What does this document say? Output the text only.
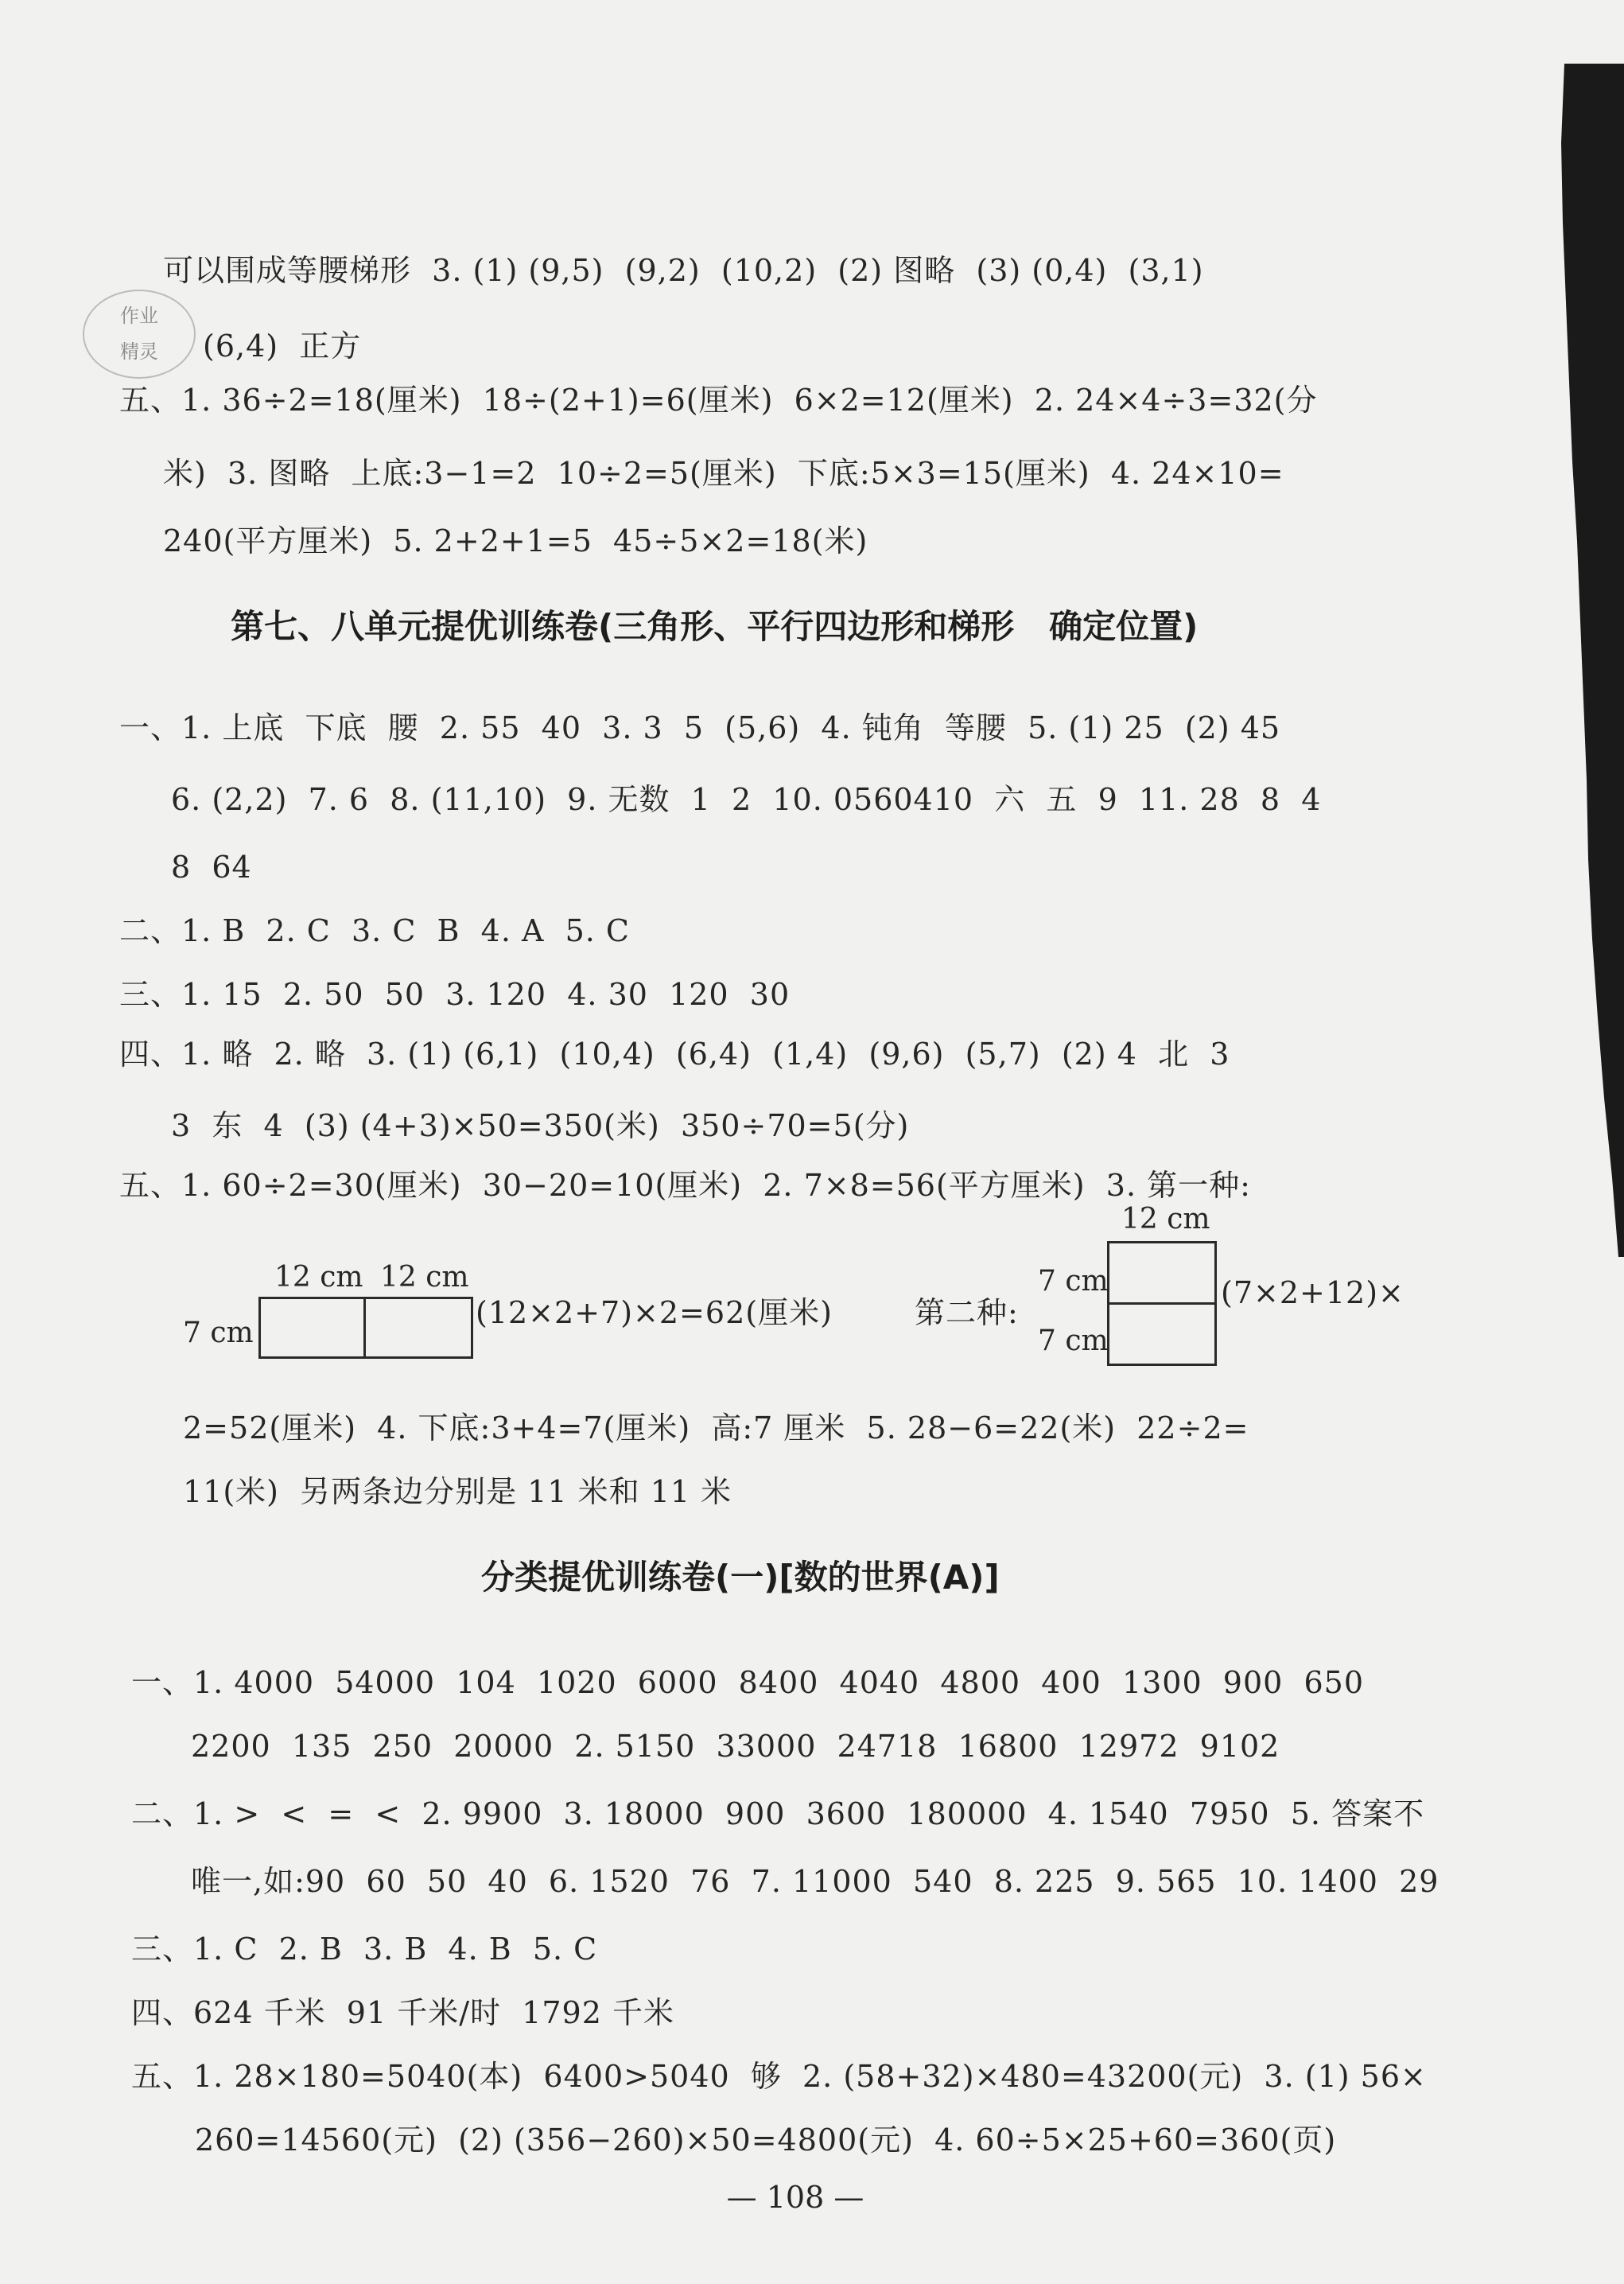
作业
精灵
可以围成等腰梯形  3. (1) (9,5)  (9,2)  (10,2)  (2) 图略  (3) (0,4)  (3,1)
(6,4)  正方
五、1. 36÷2=18(厘米)  18÷(2+1)=6(厘米)  6×2=12(厘米)  2. 24×4÷3=32(分
米)  3. 图略  上底:3−1=2  10÷2=5(厘米)  下底:5×3=15(厘米)  4. 24×10=
240(平方厘米)  5. 2+2+1=5  45÷5×2=18(米)
第七、八单元提优训练卷(三角形、平行四边形和梯形   确定位置)
一、1. 上底  下底  腰  2. 55  40  3. 3  5  (5,6)  4. 钝角  等腰  5. (1) 25  (2) 45
6. (2,2)  7. 6  8. (11,10)  9. 无数  1  2  10. 0560410  六  五  9  11. 28  8  4
8  64
二、1. B  2. C  3. C  B  4. A  5. C
三、1. 15  2. 50  50  3. 120  4. 30  120  30
四、1. 略  2. 略  3. (1) (6,1)  (10,4)  (6,4)  (1,4)  (9,6)  (5,7)  (2) 4  北  3
3  东  4  (3) (4+3)×50=350(米)  350÷70=5(分)
五、1. 60÷2=30(厘米)  30−20=10(厘米)  2. 7×8=56(平方厘米)  3. 第一种:
12 cm 12 cm
7 cm
(12×2+7)×2=62(厘米)	第二种:
12 cm
7 cm
7 cm
(7×2+12)×
2=52(厘米)  4. 下底:3+4=7(厘米)  高:7 厘米  5. 28−6=22(米)  22÷2=
11(米)  另两条边分别是 11 米和 11 米
分类提优训练卷(一)[数的世界(A)]
一、1. 4000  54000  104  1020  6000  8400  4040  4800  400  1300  900  650
2200  135  250  20000  2. 5150  33000  24718  16800  12972  9102
二、1. >  <  =  <  2. 9900  3. 18000  900  3600  180000  4. 1540  7950  5. 答案不
唯一,如:90  60  50  40  6. 1520  76  7. 11000  540  8. 225  9. 565  10. 1400  29
三、1. C  2. B  3. B  4. B  5. C
四、624 千米  91 千米/时  1792 千米
五、1. 28×180=5040(本)  6400>5040  够  2. (58+32)×480=43200(元)  3. (1) 56×
260=14560(元)  (2) (356−260)×50=4800(元)  4. 60÷5×25+60=360(页)
— 108 —
